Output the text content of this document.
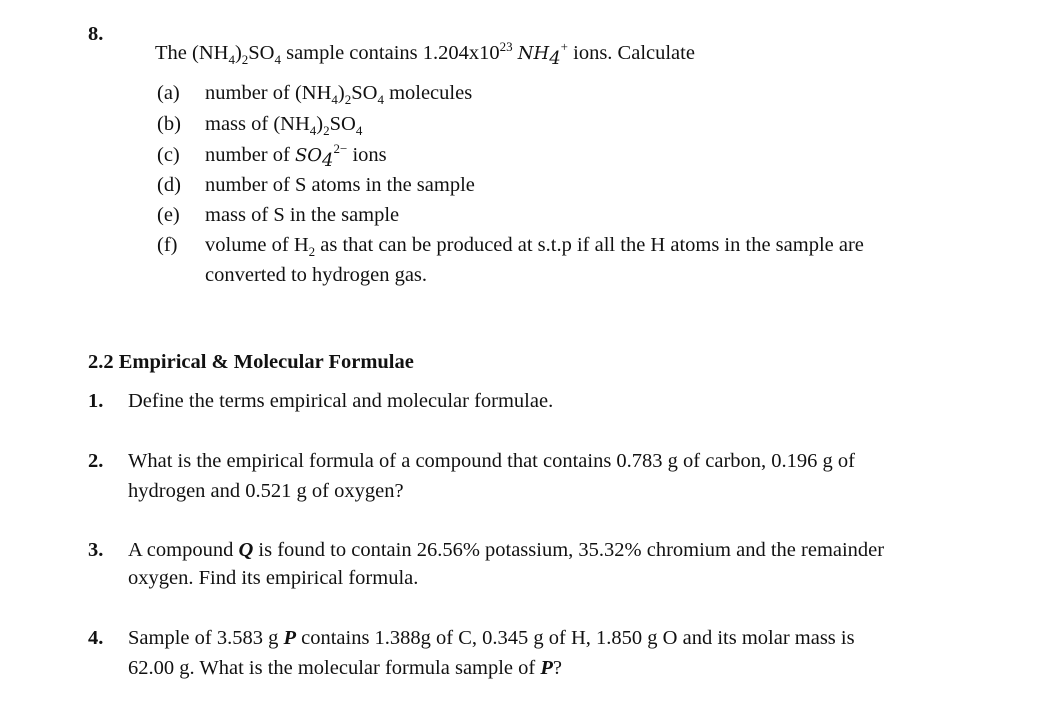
8.
The $(NH_4)_2SO_4$ sample contains $1.204x10^{23}$ $NH_4^+$ ions. Calculate
(a) number of $(NH_4)_2SO_4$ molecules
(b) mass of $(NH_4)_2SO_4$
(c) number of $SO_4^{2-}$ ions
(d) number of S atoms in the sample
(e) mass of S in the sample
(f) volume of $H_2$ as that can be produced at s.t.p if all the H atoms in the sample are
converted to hydrogen gas.
2.2 Empirical & Molecular Formulae
1. Define the terms empirical and molecular formulae.
2. What is the empirical formula of a compound that contains 0.783 g of carbon, 0.196 g of
hydrogen and 0.521 g of oxygen?
3. A compound Q is found to contain 26.56% potassium, 35.32% chromium and the remainder
oxygen. Find its empirical formula.
4. Sample of 3.583 g P contains 1.388g of C, 0.345 g of H, 1.850 g O and its molar mass is
62.00 g. What is the molecular formula sample of P?
